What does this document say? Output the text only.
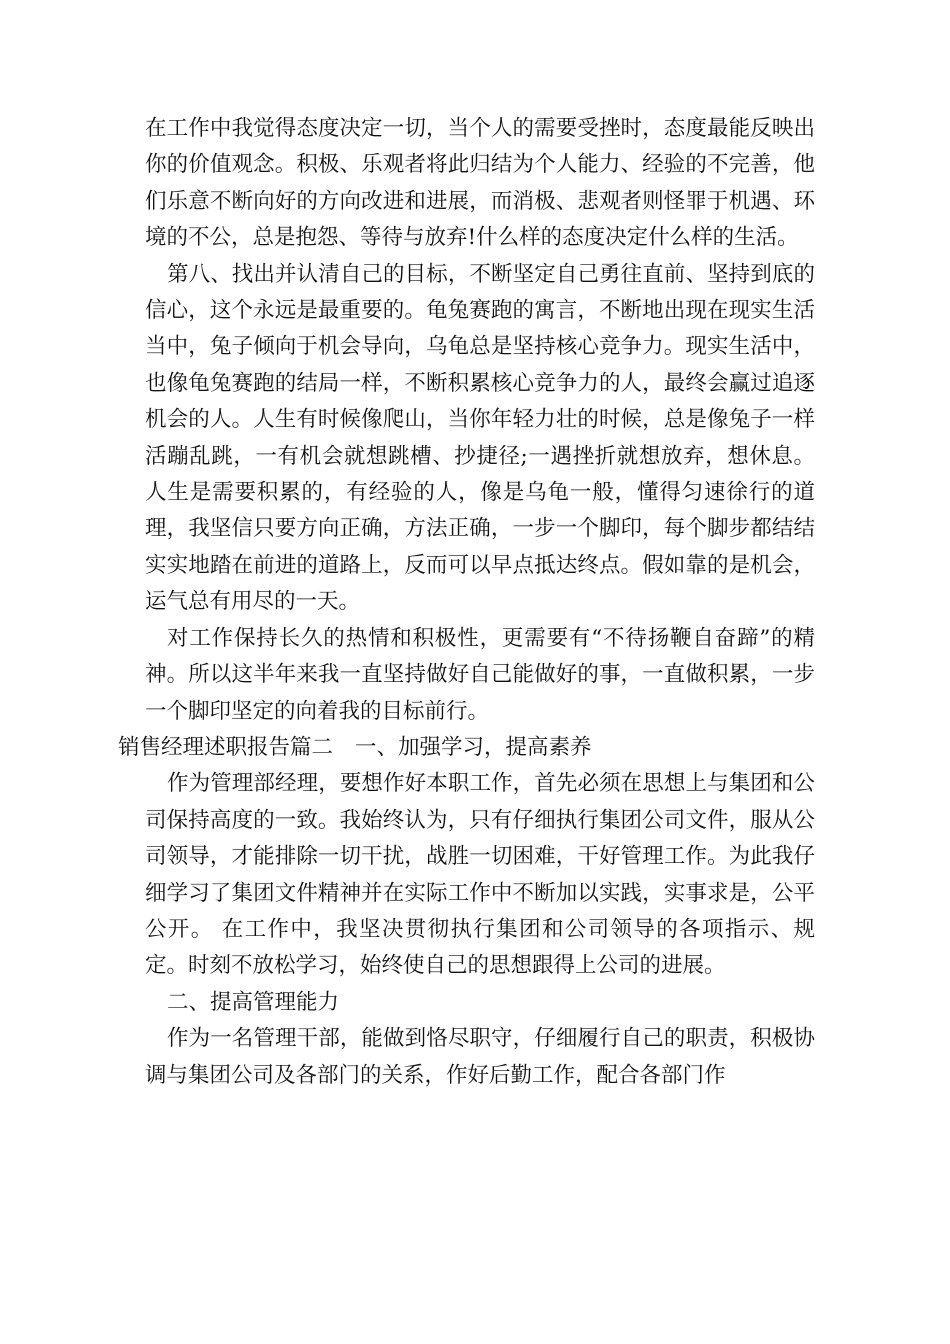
在工作中我觉得态度决定一切，当个人的需要受挫时，态度最能反映出你的价值观念。积极、乐观者将此归结为个人能力、经验的不完善，他们乐意不断向好的方向改进和进展，而消极、悲观者则怪罪于机遇、环境的不公，总是抱怨、等待与放弃!什么样的态度决定什么样的生活。

第八、找出并认清自己的目标，不断坚定自己勇往直前、坚持到底的信心，这个永远是最重要的。龟兔赛跑的寓言，不断地出现在现实生活当中，兔子倾向于机会导向，乌龟总是坚持核心竞争力。现实生活中，也像龟兔赛跑的结局一样，不断积累核心竞争力的人，最终会赢过追逐机会的人。人生有时候像爬山，当你年轻力壮的时候，总是像兔子一样活蹦乱跳，一有机会就想跳槽、抄捷径;一遇挫折就想放弃，想休息。人生是需要积累的，有经验的人，像是乌龟一般，懂得匀速徐行的道理，我坚信只要方向正确，方法正确，一步一个脚印，每个脚步都结结实实地踏在前进的道路上，反而可以早点抵达终点。假如靠的是机会，运气总有用尽的一天。

对工作保持长久的热情和积极性，更需要有“不待扬鞭自奋蹄”的精神。所以这半年来我一直坚持做好自己能做好的事，一直做积累，一步一个脚印坚定的向着我的目标前行。

销售经理述职报告篇二 一、加强学习，提高素养

作为管理部经理，要想作好本职工作，首先必须在思想上与集团和公司保持高度的一致。我始终认为，只有仔细执行集团公司文件，服从公司领导，才能排除一切干扰，战胜一切困难，干好管理工作。为此我仔细学习了集团文件精神并在实际工作中不断加以实践，实事求是，公平公开。 在工作中，我坚决贯彻执行集团和公司领导的各项指示、规定。时刻不放松学习，始终使自己的思想跟得上公司的进展。

二、提高管理能力

作为一名管理干部，能做到恪尽职守，仔细履行自己的职责，积极协调与集团公司及各部门的关系，作好后勤工作，配合各部门作
